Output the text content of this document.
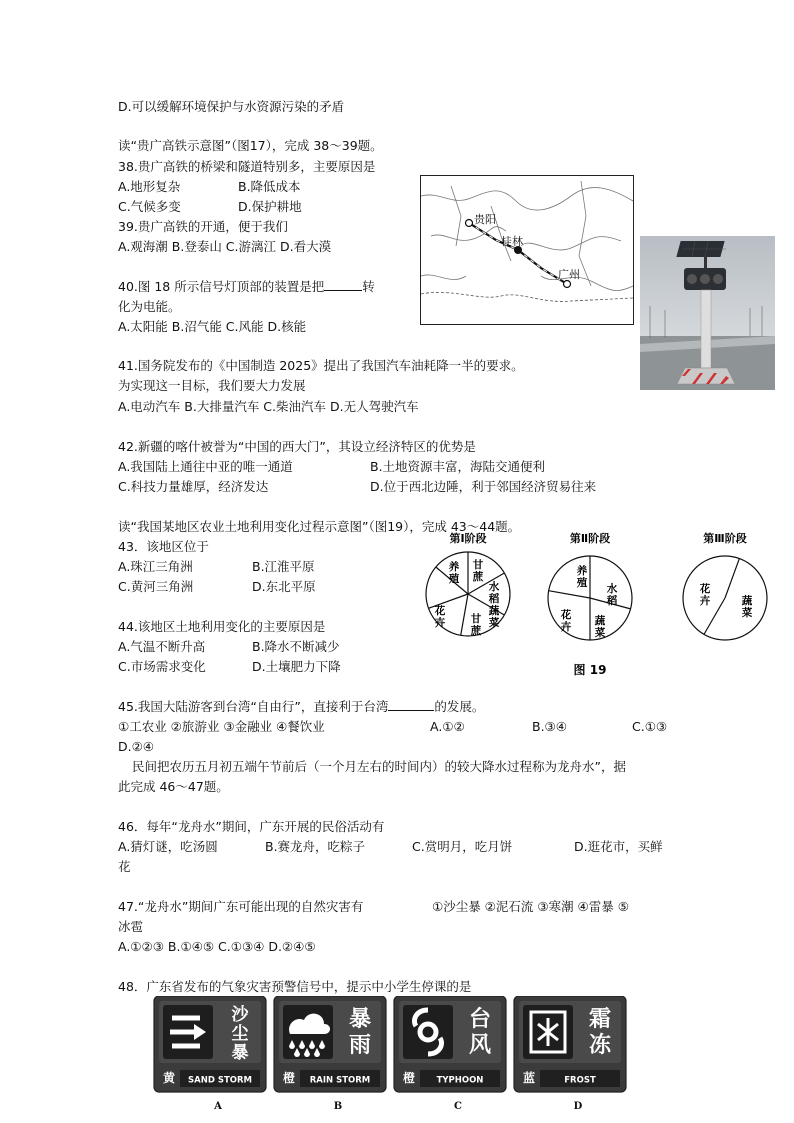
D.可以缓解环境保护与水资源污染的矛盾
读“贵广高铁示意图”（图17），完成 38～39题。
38.贵广高铁的桥梁和隧道特别多，主要原因是
A.地形复杂	B.降低成本
C.气候多变	D.保护耕地
39.贵广高铁的开通，便于我们
A.观海潮 B.登泰山 C.游漓江 D.看大漠
40.图 18 所示信号灯顶部的装置是把	转
化为电能。
A.太阳能 B.沼气能 C.风能 D.核能
41.国务院发布的《中国制造 2025》提出了我国汽车油耗降一半的要求。
为实现这一目标，我们要大力发展
A.电动汽车 B.大排量汽车 C.柴油汽车 D.无人驾驶汽车
42.新疆的喀什被誉为“中国的西大门”，其设立经济特区的优势是
A.我国陆上通往中亚的唯一通道	B.土地资源丰富，海陆交通便利
C.科技力量雄厚，经济发达	D.位于西北边陲，利于邻国经济贸易往来
读“我国某地区农业土地利用变化过程示意图”（图19），完成 43～44题。
43．该地区位于
A.珠江三角洲	B.江淮平原
C.黄河三角洲	D.东北平原
44.该地区土地利用变化的主要原因是
A.气温不断升高	B.降水不断减少
C.市场需求变化	D.土壤肥力下降
45.我国大陆游客到台湾“自由行”，直接利于台湾	的发展。
①工农业 ②旅游业 ③金融业 ④餐饮业	A.①②	B.③④	C.①③
D.②④
民间把农历五月初五端午节前后（一个月左右的时间内）的较大降水过程称为龙舟水”，据
此完成 46～47题。
46．每年“龙舟水”期间，广东开展的民俗活动有
A.猜灯谜，吃汤圆	B.赛龙舟，吃粽子	C.赏明月，吃月饼	D.逛花市，买鲜
花
47.“龙舟水”期间广东可能出现的自然灾害有	①沙尘暴 ②泥石流 ③寒潮 ④雷暴 ⑤
冰雹
A.①②③ B.①④⑤ C.①③④ D.②④⑤
48．广东省发布的气象灾害预警信号中，提示中小学生停课的是
贵阳
桂林
广州
第Ⅰ阶段
养
殖
甘
蔗
水
稻
花
卉 甘
蔗
蔬
菜
第Ⅱ阶段
养
殖 水
稻
花
卉 蔬
菜
第Ⅲ阶段
花
卉	蔬
菜
图 19
沙
尘
暴
黄 SAND STORM
A
暴
雨
橙 RAIN STORM
B
台
风
橙	TYPHOON
C
霜
冻
蓝	FROST
D
